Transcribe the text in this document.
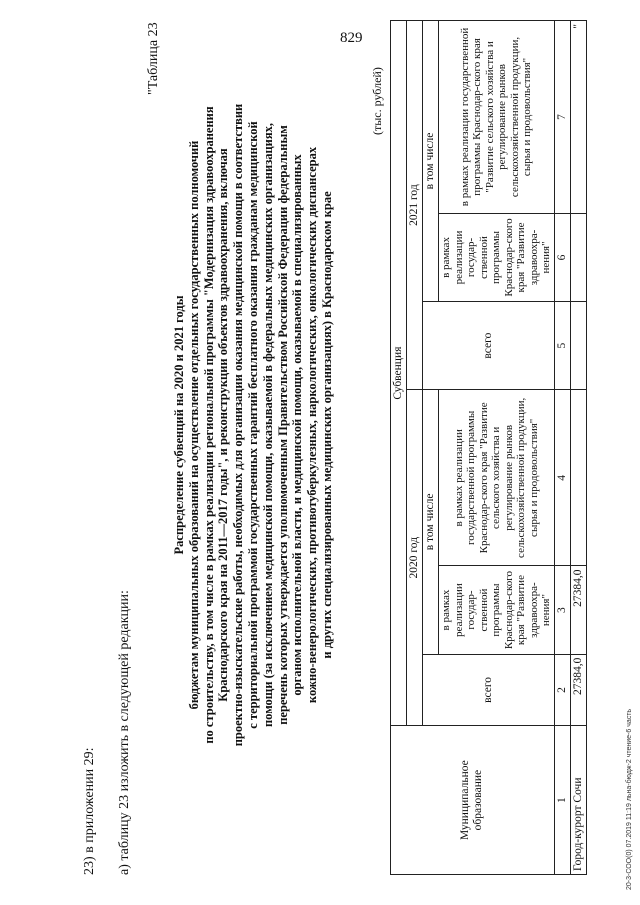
829
23) в приложении 29: а) таблицу 23 изложить в следующей редакции:
"Таблица 23
Распределение субвенций на 2020 и 2021 годы бюджетам муниципальных образований на осуществление отдельных государственных полномочий по строительству, в том числе в рамках реализации региональной программы "Модернизация здравоохранения Краснодарского края на 2011—2017 годы", и реконструкции объектов здравоохранения, включая проектно-изыскательские работы, необходимых для организации оказания медицинской помощи в соответствии с территориальной программой государственных гарантий бесплатного оказания гражданам медицинской помощи (за исключением медицинской помощи, оказываемой в федеральных медицинских организациях, перечень которых утверждается уполномоченным Правительством Российской Федерации федеральным органом исполнительной власти, и медицинской помощи, оказываемой в специализированных кожно-венерологических, противотуберкулезных, наркологических, онкологических диспансерах и других специализированных медицинских организациях) в Краснодарском крае
(тыс. рублей)
Муниципальное образование	Субвенция					
	2020 год			2021 год		
	всего	в том числе		всего	в том числе	
		в рамках реализации государ-ственной программы Краснодар-ского края "Развитие здравоохра-нения"	в рамках реализации государственной программы Краснодар-ского края "Развитие сельского хозяйства и регулирование рынков сельскохозяйственной продукции, сырья и продовольствия"		в рамках реализации государ-ственной программы Краснодар-ского края "Развитие здравоохра-нения"	в рамках реализации государственной программы Краснодар-ского края "Развитие сельского хозяйства и регулирование рынков сельскохозяйственной продукции, сырья и продовольствия"
1	2	3	4	5	6	7
Город-курорт Сочи	27384,0	27384,0				"
20-3-СОО(0) 07.2019 11:19 льна-бюдж-2 чтение-6 часть
